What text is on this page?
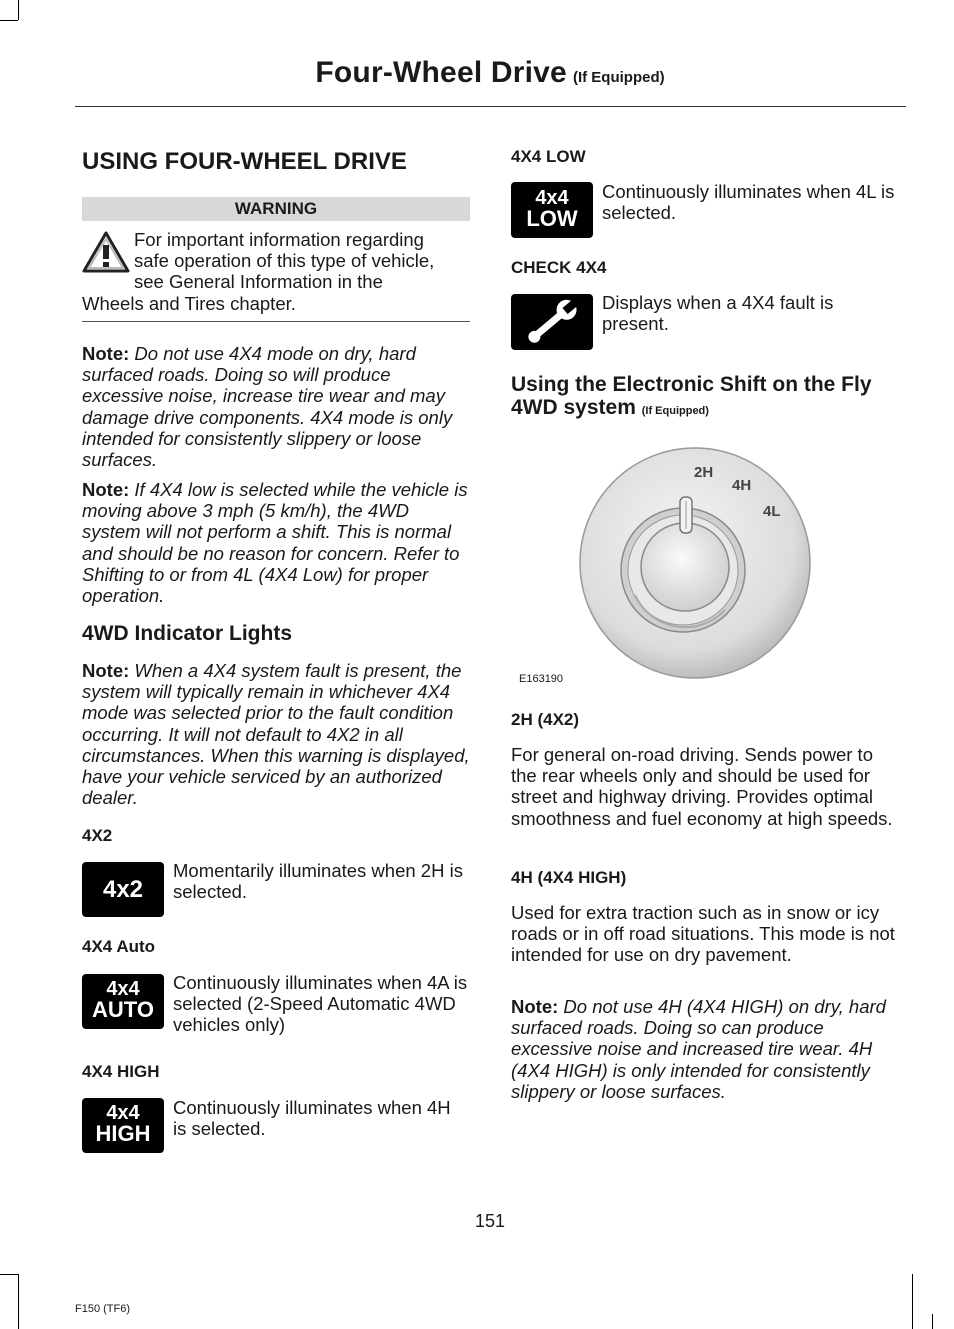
Four-Wheel Drive (If Equipped)
USING FOUR-WHEEL DRIVE
WARNING
For important information regarding
safe operation of this type of vehicle,
see General Information in the
Wheels and Tires chapter.
Note: Do not use 4X4 mode on dry, hard surfaced roads. Doing so will produce excessive noise, increase tire wear and may damage drive components. 4X4 mode is only intended for consistently slippery or loose surfaces.
Note: If 4X4 low is selected while the vehicle is moving above 3 mph (5 km/h), the 4WD system will not perform a shift. This is normal and should be no reason for concern. Refer to Shifting to or from 4L (4X4 Low) for proper operation.
4WD Indicator Lights
Note: When a 4X4 system fault is present, the system will typically remain in whichever 4X4 mode was selected prior to the fault condition occurring. It will not default to 4X2 in all circumstances. When this warning is displayed, have your vehicle serviced by an authorized dealer.
4X2
4x2
Momentarily illuminates when 2H is selected.
4X4 Auto
4x4
AUTO
Continuously illuminates when 4A is selected (2-Speed Automatic 4WD vehicles only)
4X4 HIGH
4x4
HIGH
Continuously illuminates when 4H is selected.
4X4 LOW
4x4
LOW
Continuously illuminates when 4L is selected.
CHECK 4X4
Displays when a 4X4 fault is present.
Using the Electronic Shift on the Fly 4WD system (If Equipped)
2H
4H
4L
E163190
2H (4X2)
For general on-road driving. Sends power to the rear wheels only and should be used for street and highway driving. Provides optimal smoothness and fuel economy at high speeds.
4H (4X4 HIGH)
Used for extra traction such as in snow or icy roads or in off road situations. This mode is not intended for use on dry pavement.
Note: Do not use 4H (4X4 HIGH) on dry, hard surfaced roads. Doing so can produce excessive noise and increased tire wear. 4H (4X4 HIGH) is only intended for consistently slippery or loose surfaces.
151
F150 (TF6)
